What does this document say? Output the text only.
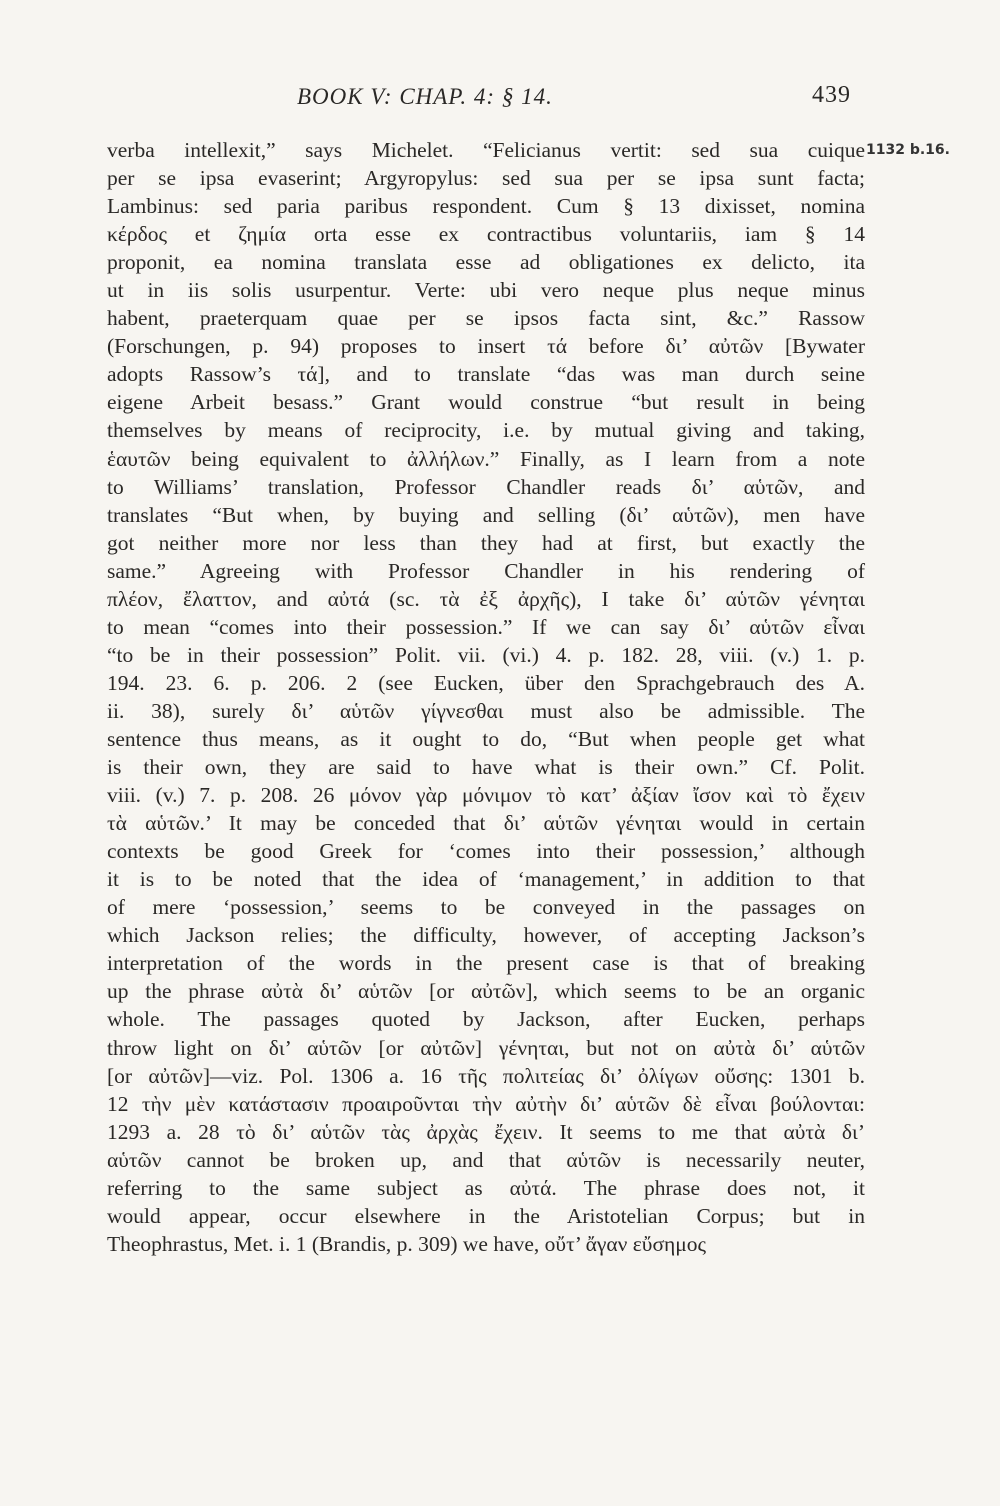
BOOK V: CHAP. 4: § 14.	439
1132 b.16.
verba intellexit,” says Michelet. “Felicianus vertit: sed sua cuique
per se ipsa evaserint; Argyropylus: sed sua per se ipsa sunt facta;
Lambinus: sed paria paribus respondent. Cum § 13 dixisset, nomina
κέρδος et ζημία orta esse ex contractibus voluntariis, iam § 14
proponit, ea nomina translata esse ad obligationes ex delicto, ita
ut in iis solis usurpentur. Verte: ubi vero neque plus neque minus
habent, praeterquam quae per se ipsos facta sint, &c.” Rassow
(Forschungen, p. 94) proposes to insert τά before δι’ αὐτῶν [Bywater
adopts Rassow’s τά], and to translate “das was man durch seine
eigene Arbeit besass.” Grant would construe “but result in being
themselves by means of reciprocity, i.e. by mutual giving and taking,
ἑαυτῶν being equivalent to ἀλλήλων.” Finally, as I learn from a note
to Williams’ translation, Professor Chandler reads δι’ αὑτῶν, and
translates “But when, by buying and selling (δι’ αὑτῶν), men have
got neither more nor less than they had at first, but exactly the
same.” Agreeing with Professor Chandler in his rendering of
πλέον, ἔλαττον, and αὐτά (sc. τὰ ἐξ ἀρχῆς), I take δι’ αὑτῶν γένηται
to mean “comes into their possession.” If we can say δι’ αὑτῶν εἶναι
“to be in their possession” Polit. vii. (vi.) 4. p. 182. 28, viii. (v.) 1. p.
194. 23. 6. p. 206. 2 (see Eucken, über den Sprachgebrauch des A.
ii. 38), surely δι’ αὑτῶν γίγνεσθαι must also be admissible. The
sentence thus means, as it ought to do, “But when people get what
is their own, they are said to have what is their own.” Cf. Polit.
viii. (v.) 7. p. 208. 26 μόνον γὰρ μόνιμον τὸ κατ’ ἀξίαν ἴσον καὶ τὸ ἔχειν
τὰ αὑτῶν.’ It may be conceded that δι’ αὑτῶν γένηται would in certain
contexts be good Greek for ‘comes into their possession,’ although
it is to be noted that the idea of ‘management,’ in addition to that
of mere ‘possession,’ seems to be conveyed in the passages on
which Jackson relies; the difficulty, however, of accepting Jackson’s
interpretation of the words in the present case is that of breaking
up the phrase αὐτὰ δι’ αὑτῶν [or αὐτῶν], which seems to be an organic
whole. The passages quoted by Jackson, after Eucken, perhaps
throw light on δι’ αὑτῶν [or αὐτῶν] γένηται, but not on αὐτὰ δι’ αὑτῶν
[or αὐτῶν]—viz. Pol. 1306 a. 16 τῆς πολιτείας δι’ ὀλίγων οὔσης: 1301 b.
12 τὴν μὲν κατάστασιν προαιροῦνται τὴν αὐτὴν δι’ αὑτῶν δὲ εἶναι βούλονται:
1293 a. 28 τὸ δι’ αὑτῶν τὰς ἀρχὰς ἔχειν. It seems to me that αὐτὰ δι’
αὑτῶν cannot be broken up, and that αὑτῶν is necessarily neuter,
referring to the same subject as αὐτά. The phrase does not, it
would appear, occur elsewhere in the Aristotelian Corpus; but in
Theophrastus, Met. i. 1 (Brandis, p. 309) we have, οὔτ’ ἄγαν εὔσημος
